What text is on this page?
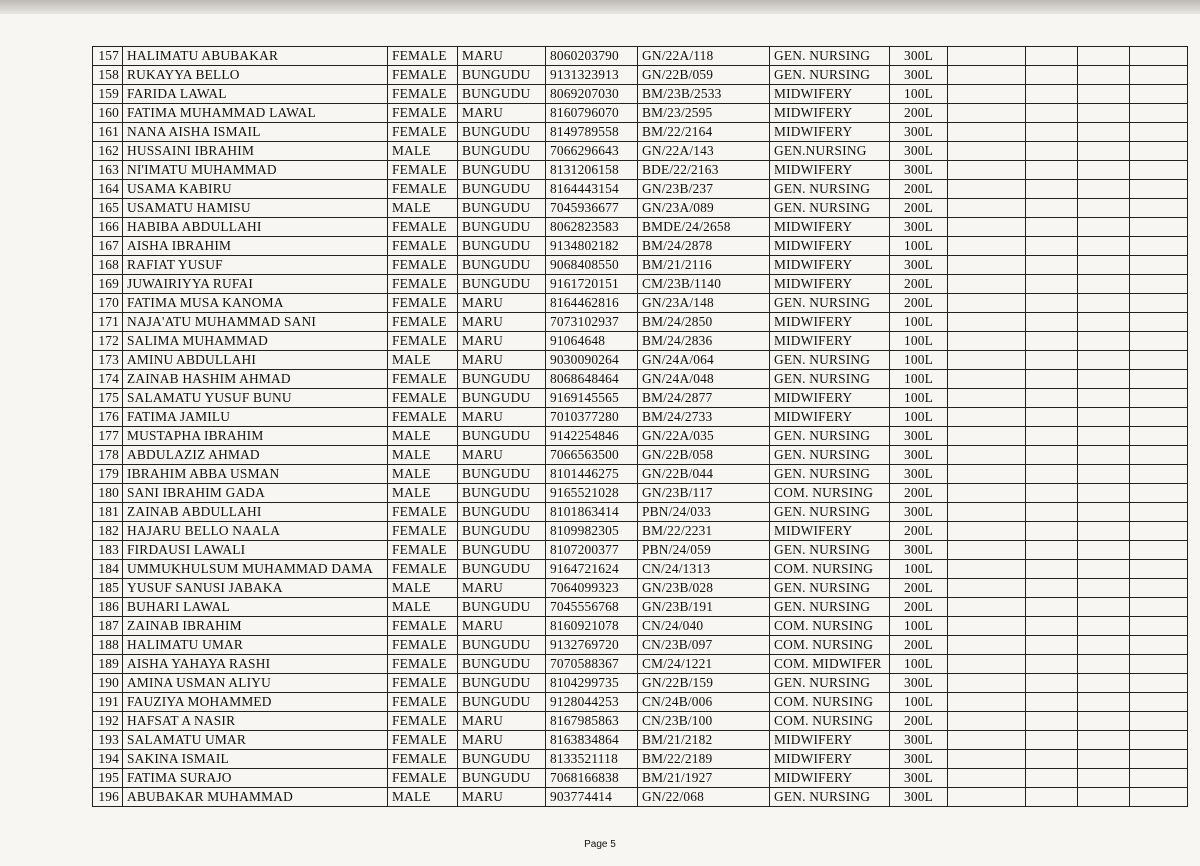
157	HALIMATU ABUBAKAR	FEMALE	MARU	8060203790	GN/22A/118	GEN. NURSING	300L				
158	RUKAYYA BELLO	FEMALE	BUNGUDU	9131323913	GN/22B/059	GEN. NURSING	300L				
159	FARIDA LAWAL	FEMALE	BUNGUDU	8069207030	BM/23B/2533	MIDWIFERY	100L				
160	FATIMA MUHAMMAD LAWAL	FEMALE	MARU	8160796070	BM/23/2595	MIDWIFERY	200L				
161	NANA AISHA ISMAIL	FEMALE	BUNGUDU	8149789558	BM/22/2164	MIDWIFERY	300L				
162	HUSSAINI IBRAHIM	MALE	BUNGUDU	7066296643	GN/22A/143	GEN.NURSING	300L				
163	NI'IMATU MUHAMMAD	FEMALE	BUNGUDU	8131206158	BDE/22/2163	MIDWIFERY	300L				
164	USAMA KABIRU	FEMALE	BUNGUDU	8164443154	GN/23B/237	GEN. NURSING	200L				
165	USAMATU HAMISU	MALE	BUNGUDU	7045936677	GN/23A/089	GEN. NURSING	200L				
166	HABIBA ABDULLAHI	FEMALE	BUNGUDU	8062823583	BMDE/24/2658	MIDWIFERY	300L				
167	AISHA IBRAHIM	FEMALE	BUNGUDU	9134802182	BM/24/2878	MIDWIFERY	100L				
168	RAFIAT YUSUF	FEMALE	BUNGUDU	9068408550	BM/21/2116	MIDWIFERY	300L				
169	JUWAIRIYYA RUFAI	FEMALE	BUNGUDU	9161720151	CM/23B/1140	MIDWIFERY	200L				
170	FATIMA MUSA KANOMA	FEMALE	MARU	8164462816	GN/23A/148	GEN. NURSING	200L				
171	NAJA'ATU MUHAMMAD SANI	FEMALE	MARU	7073102937	BM/24/2850	MIDWIFERY	100L				
172	SALIMA MUHAMMAD	FEMALE	MARU	91064648	BM/24/2836	MIDWIFERY	100L				
173	AMINU ABDULLAHI	MALE	MARU	9030090264	GN/24A/064	GEN. NURSING	100L				
174	ZAINAB HASHIM AHMAD	FEMALE	BUNGUDU	8068648464	GN/24A/048	GEN. NURSING	100L				
175	SALAMATU YUSUF BUNU	FEMALE	BUNGUDU	9169145565	BM/24/2877	MIDWIFERY	100L				
176	FATIMA JAMILU	FEMALE	MARU	7010377280	BM/24/2733	MIDWIFERY	100L				
177	MUSTAPHA IBRAHIM	MALE	BUNGUDU	9142254846	GN/22A/035	GEN. NURSING	300L				
178	ABDULAZIZ AHMAD	MALE	MARU	7066563500	GN/22B/058	GEN. NURSING	300L				
179	IBRAHIM ABBA USMAN	MALE	BUNGUDU	8101446275	GN/22B/044	GEN. NURSING	300L				
180	SANI IBRAHIM GADA	MALE	BUNGUDU	9165521028	GN/23B/117	COM. NURSING	200L				
181	ZAINAB ABDULLAHI	FEMALE	BUNGUDU	8101863414	PBN/24/033	GEN. NURSING	300L				
182	HAJARU BELLO NAALA	FEMALE	BUNGUDU	8109982305	BM/22/2231	MIDWIFERY	200L				
183	FIRDAUSI LAWALI	FEMALE	BUNGUDU	8107200377	PBN/24/059	GEN. NURSING	300L				
184	UMMUKHULSUM MUHAMMAD DAMA	FEMALE	BUNGUDU	9164721624	CN/24/1313	COM. NURSING	100L				
185	YUSUF SANUSI JABAKA	MALE	MARU	7064099323	GN/23B/028	GEN. NURSING	200L				
186	BUHARI LAWAL	MALE	BUNGUDU	7045556768	GN/23B/191	GEN. NURSING	200L				
187	ZAINAB IBRAHIM	FEMALE	MARU	8160921078	CN/24/040	COM. NURSING	100L				
188	HALIMATU UMAR	FEMALE	BUNGUDU	9132769720	CN/23B/097	COM. NURSING	200L				
189	AISHA YAHAYA RASHI	FEMALE	BUNGUDU	7070588367	CM/24/1221	COM. MIDWIFER	100L				
190	AMINA USMAN ALIYU	FEMALE	BUNGUDU	8104299735	GN/22B/159	GEN. NURSING	300L				
191	FAUZIYA MOHAMMED	FEMALE	BUNGUDU	9128044253	CN/24B/006	COM. NURSING	100L				
192	HAFSAT A NASIR	FEMALE	MARU	8167985863	CN/23B/100	COM. NURSING	200L				
193	SALAMATU UMAR	FEMALE	MARU	8163834864	BM/21/2182	MIDWIFERY	300L				
194	SAKINA ISMAIL	FEMALE	BUNGUDU	8133521118	BM/22/2189	MIDWIFERY	300L				
195	FATIMA SURAJO	FEMALE	BUNGUDU	7068166838	BM/21/1927	MIDWIFERY	300L				
196	ABUBAKAR MUHAMMAD	MALE	MARU	903774414	GN/22/068	GEN. NURSING	300L				
Page 5
